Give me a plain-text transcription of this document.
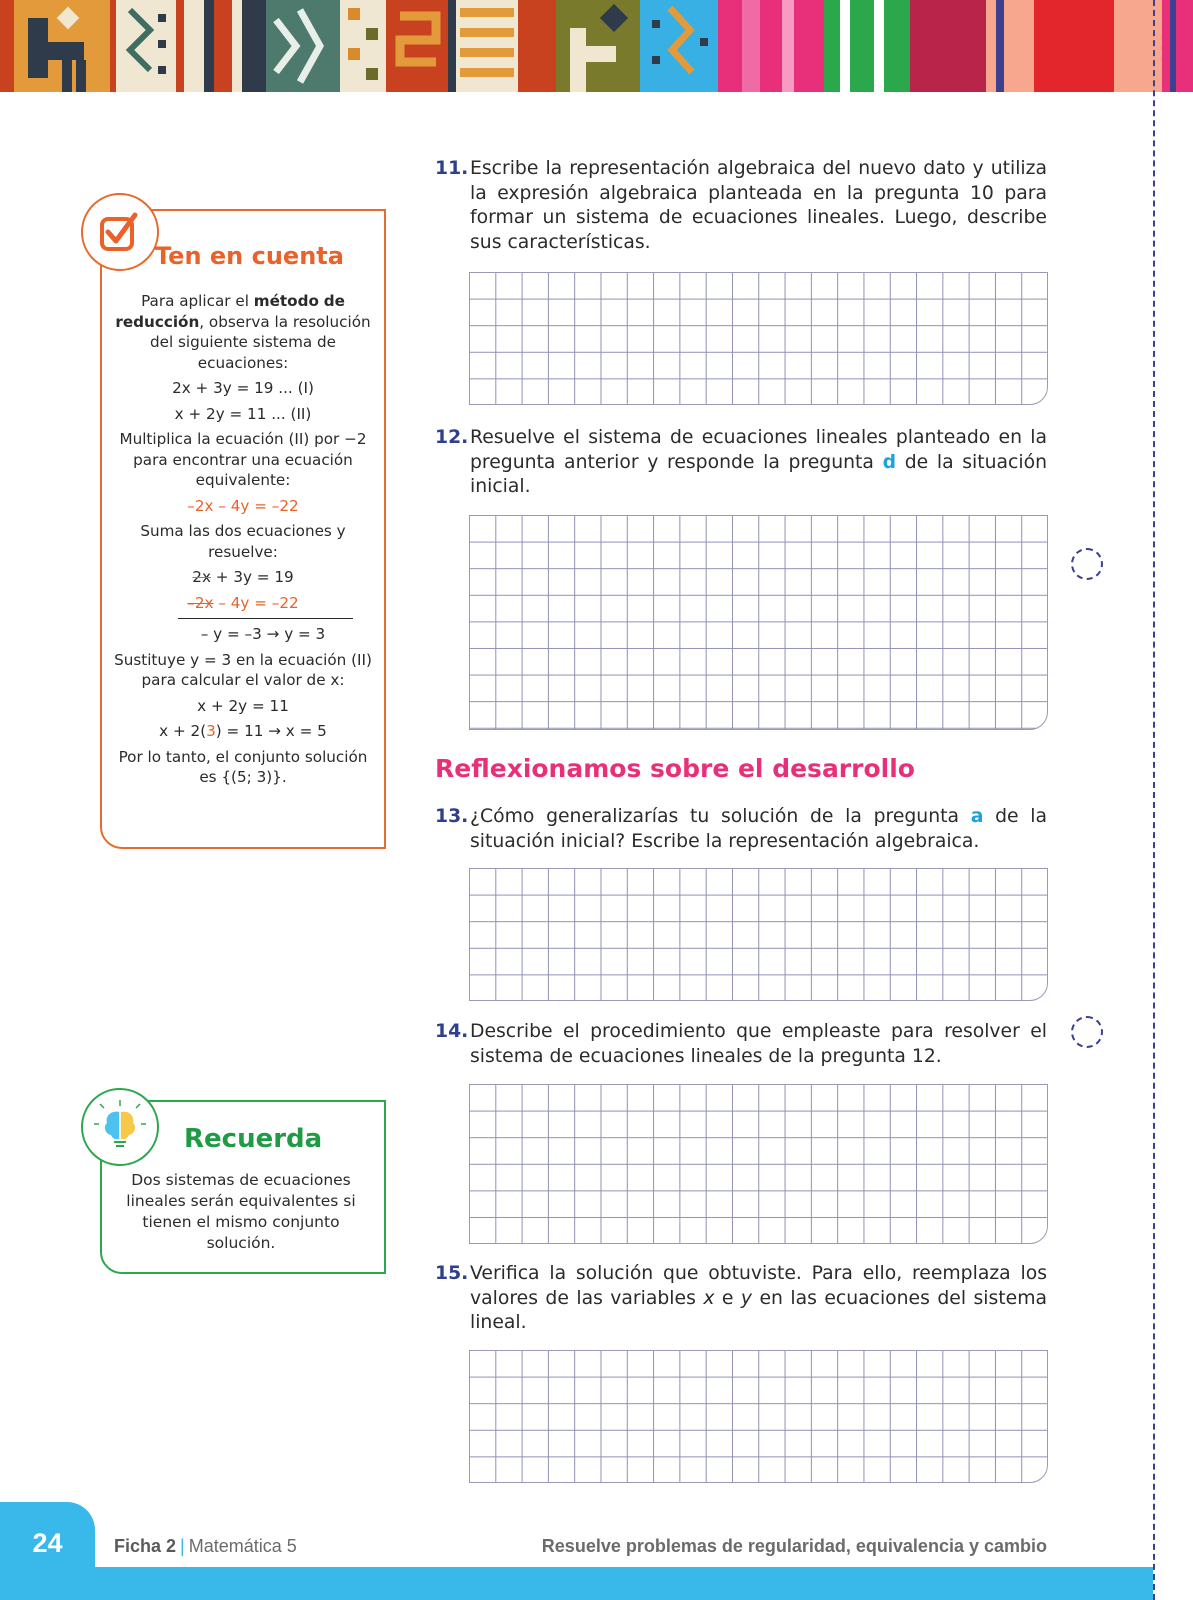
Ten en cuenta

Para aplicar el método de reducción, observa la resolución del siguiente sistema de ecuaciones:

2x + 3y = 19 ... (I)

x + 2y = 11 ... (II)

Multiplica la ecuación (II) por −2 para encontrar una ecuación equivalente:

–2x – 4y = –22

Suma las dos ecuaciones y resuelve:

2x + 3y = 19

–2x – 4y = –22

– y = –3 → y = 3

Sustituye y = 3 en la ecuación (II) para calcular el valor de x:

x + 2y = 11

x + 2(3) = 11 → x = 5

Por lo tanto, el conjunto solución es {(5; 3)}.

Recuerda
Dos sistemas de ecuaciones lineales serán equivalentes si tienen el mismo conjunto solución.
11. Escribe la representación algebraica del nuevo dato y utiliza la expresión algebraica planteada en la pregunta 10 para formar un sistema de ecuaciones lineales. Luego, describe sus características.
12. Resuelve el sistema de ecuaciones lineales planteado en la pregunta anterior y responde la pregunta d de la situación inicial.
Reflexionamos sobre el desarrollo
13. ¿Cómo generalizarías tu solución de la pregunta a de la situación inicial? Escribe la representación algebraica.
14. Describe el procedimiento que empleaste para resolver el sistema de ecuaciones lineales de la pregunta 12.
15. Verifica la solución que obtuviste. Para ello, reemplaza los valores de las variables x e y en las ecuaciones del sistema lineal.
24	Ficha 2 | Matemática 5	Resuelve problemas de regularidad, equivalencia y cambio
